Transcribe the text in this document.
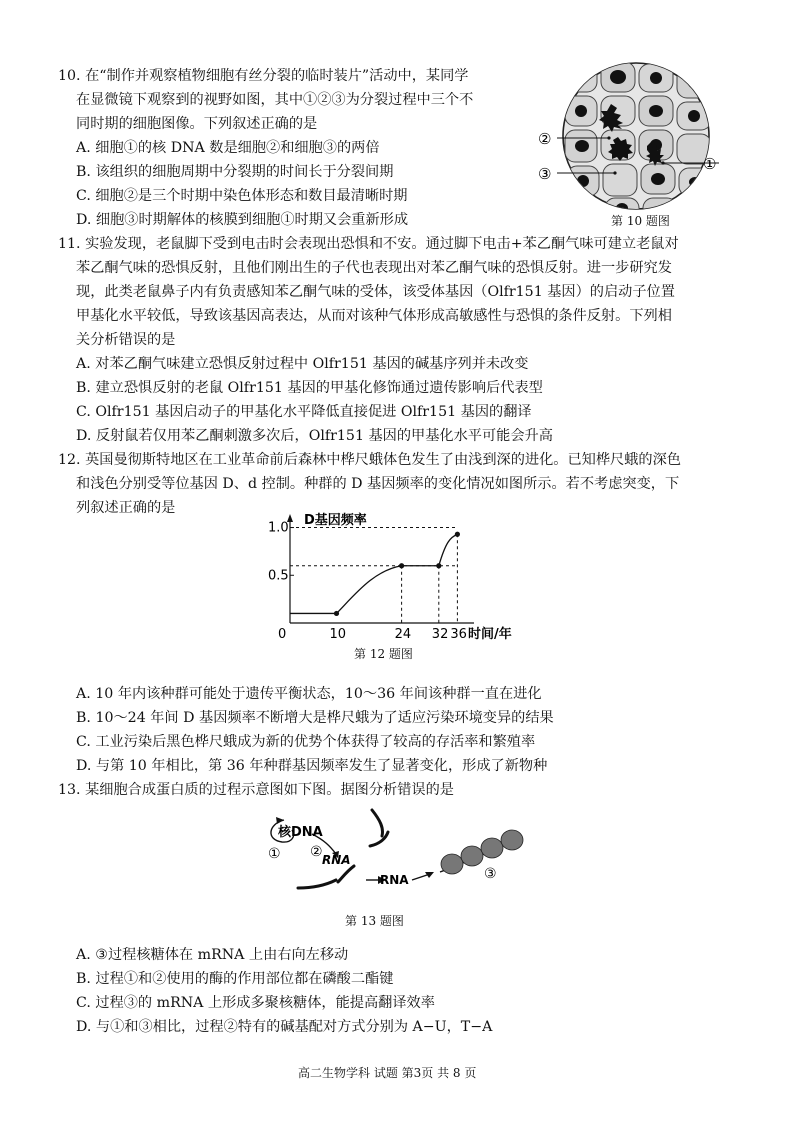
10. 在“制作并观察植物细胞有丝分裂的临时装片”活动中，某同学
在显微镜下观察到的视野如图，其中①②③为分裂过程中三个不
同时期的细胞图像。下列叙述正确的是
A. 细胞①的核 DNA 数是细胞②和细胞③的两倍
B. 该组织的细胞周期中分裂期的时间长于分裂间期
C. 细胞②是三个时期中染色体形态和数目最清晰时期
D. 细胞③时期解体的核膜到细胞①时期又会重新形成
②
③
①
第 10 题图
11. 实验发现，老鼠脚下受到电击时会表现出恐惧和不安。通过脚下电击+苯乙酮气味可建立老鼠对
苯乙酮气味的恐惧反射，且他们刚出生的子代也表现出对苯乙酮气味的恐惧反射。进一步研究发
现，此类老鼠鼻子内有负责感知苯乙酮气味的受体，该受体基因（Olfr151 基因）的启动子位置
甲基化水平较低，导致该基因高表达，从而对该种气体形成高敏感性与恐惧的条件反射。下列相
关分析错误的是
A. 对苯乙酮气味建立恐惧反射过程中 Olfr151 基因的碱基序列并未改变
B. 建立恐惧反射的老鼠 Olfr151 基因的甲基化修饰通过遗传影响后代表型
C. Olfr151 基因启动子的甲基化水平降低直接促进 Olfr151 基因的翻译
D. 反射鼠若仅用苯乙酮刺激多次后，Olfr151 基因的甲基化水平可能会升高
12. 英国曼彻斯特地区在工业革命前后森林中桦尺蛾体色发生了由浅到深的进化。已知桦尺蛾的深色
和浅色分别受等位基因 D、d 控制。种群的 D 基因频率的变化情况如图所示。若不考虑突变，下
列叙述正确的是
D基因频率
0	时间/年
0.5
1.0
10	24 32 36
第 12 题图
A. 10 年内该种群可能处于遗传平衡状态，10～36 年间该种群一直在进化
B. 10～24 年间 D 基因频率不断增大是桦尺蛾为了适应污染环境变异的结果
C. 工业污染后黑色桦尺蛾成为新的优势个体获得了较高的存活率和繁殖率
D. 与第 10 年相比，第 36 年种群基因频率发生了显著变化，形成了新物种
13. 某细胞合成蛋白质的过程示意图如下图。据图分析错误的是
核DNA
②
①	RNA
RNA	③
第 13 题图
A. ③过程核糖体在 mRNA 上由右向左移动
B. 过程①和②使用的酶的作用部位都在磷酸二酯键
C. 过程③的 mRNA 上形成多聚核糖体，能提高翻译效率
D. 与①和③相比，过程②特有的碱基配对方式分别为 A−U，T−A
高二生物学科 试题 第3页 共 8 页
